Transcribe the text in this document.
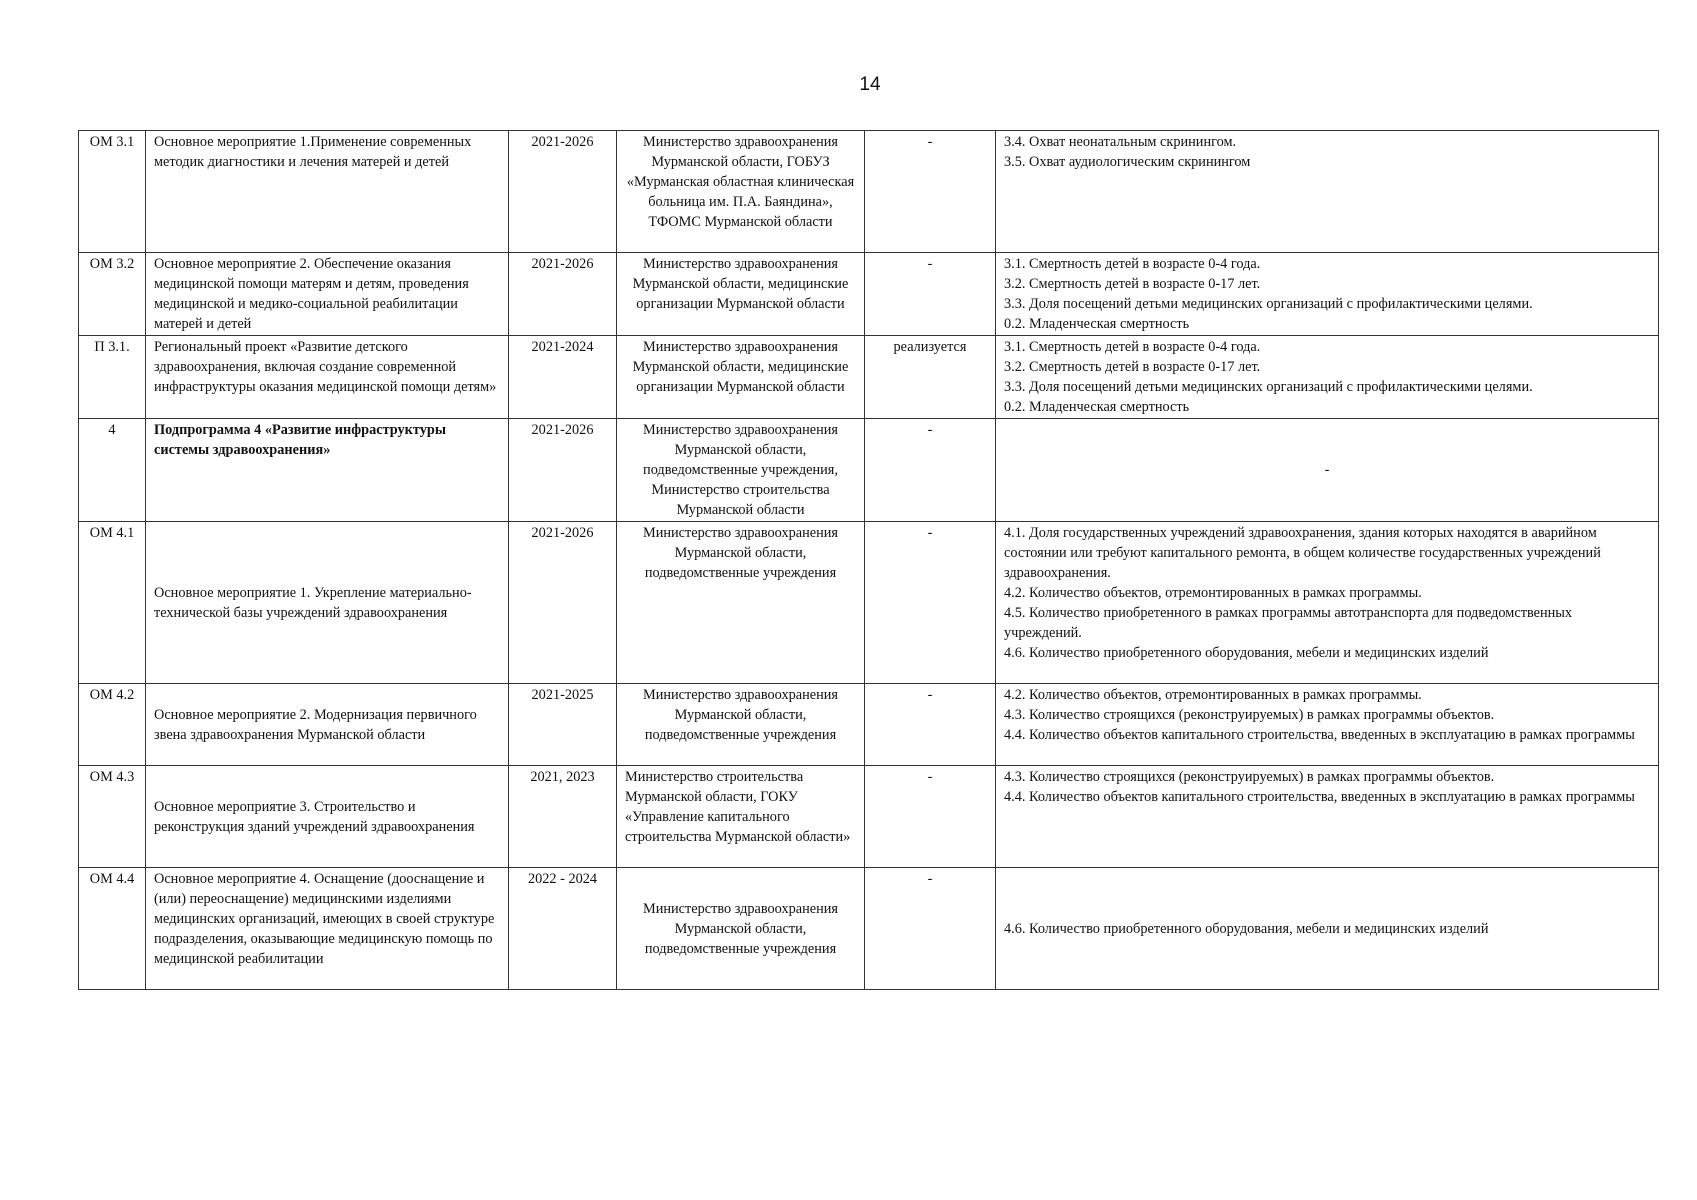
14
ОМ 3.1	Основное мероприятие 1.Применение современных методик диагностики и лечения матерей и детей	2021-2026	Министерство здравоохранения Мурманской области, ГОБУЗ «Мурманская областная клиническая больница им. П.А. Баяндина», ТФОМС Мурманской области	-	3.4. Охват неонатальным скринингом.
3.5. Охват аудиологическим скринингом

ОМ 3.2	Основное мероприятие 2. Обеспечение оказания медицинской помощи матерям и детям, проведения медицинской и медико-социальной реабилитации матерей и детей	2021-2026	Министерство здравоохранения Мурманской области, медицинские организации Мурманской области	-	3.1. Смертность детей в возрасте 0-4 года.
3.2. Смертность детей в возрасте 0-17 лет.
3.3. Доля посещений детьми медицинских организаций с профилактическими целями.
0.2. Младенческая смертность

П 3.1.	Региональный проект «Развитие детского здравоохранения, включая создание современной инфраструктуры оказания медицинской помощи детям»	2021-2024	Министерство здравоохранения Мурманской области, медицинские организации Мурманской области	реализуется	3.1. Смертность детей в возрасте 0-4 года.
3.2. Смертность детей в возрасте 0-17 лет.
3.3. Доля посещений детьми медицинских организаций с профилактическими целями.
0.2. Младенческая смертность

4	Подпрограмма 4 «Развитие инфраструктуры системы здравоохранения»	2021-2026	Министерство здравоохранения Мурманской области, подведомственные учреждения, Министерство строительства Мурманской области	-	-

ОМ 4.1	Основное мероприятие 1. Укрепление материально-технической базы учреждений здравоохранения	2021-2026	Министерство здравоохранения Мурманской области, подведомственные учреждения	-	4.1. Доля государственных учреждений здравоохранения, здания которых находятся в аварийном состоянии или требуют капитального ремонта, в общем количестве государственных учреждений здравоохранения.
4.2. Количество объектов, отремонтированных в рамках программы.
4.5. Количество приобретенного в рамках программы автотранспорта для подведомственных учреждений.
4.6. Количество приобретенного оборудования, мебели и медицинских изделий

ОМ 4.2	Основное мероприятие 2. Модернизация первичного звена здравоохранения Мурманской области	2021-2025	Министерство здравоохранения Мурманской области, подведомственные учреждения	-	4.2. Количество объектов, отремонтированных в рамках программы.
4.3. Количество строящихся (реконструируемых) в рамках программы объектов.
4.4. Количество объектов капитального строительства, введенных в эксплуатацию в рамках программы

ОМ 4.3	Основное мероприятие 3. Строительство и реконструкция зданий учреждений здравоохранения	2021, 2023	Министерство строительства Мурманской области, ГОКУ «Управление капитального строительства Мурманской области»	-	4.3. Количество строящихся (реконструируемых) в рамках программы объектов.
4.4. Количество объектов капитального строительства, введенных в эксплуатацию в рамках программы

ОМ 4.4	Основное мероприятие 4. Оснащение (дооснащение и (или) переоснащение) медицинскими изделиями медицинских организаций, имеющих в своей структуре подразделения, оказывающие медицинскую помощь по медицинской реабилитации	2022 - 2024	Министерство здравоохранения Мурманской области, подведомственные учреждения	-	4.6. Количество приобретенного оборудования, мебели и медицинских изделий
